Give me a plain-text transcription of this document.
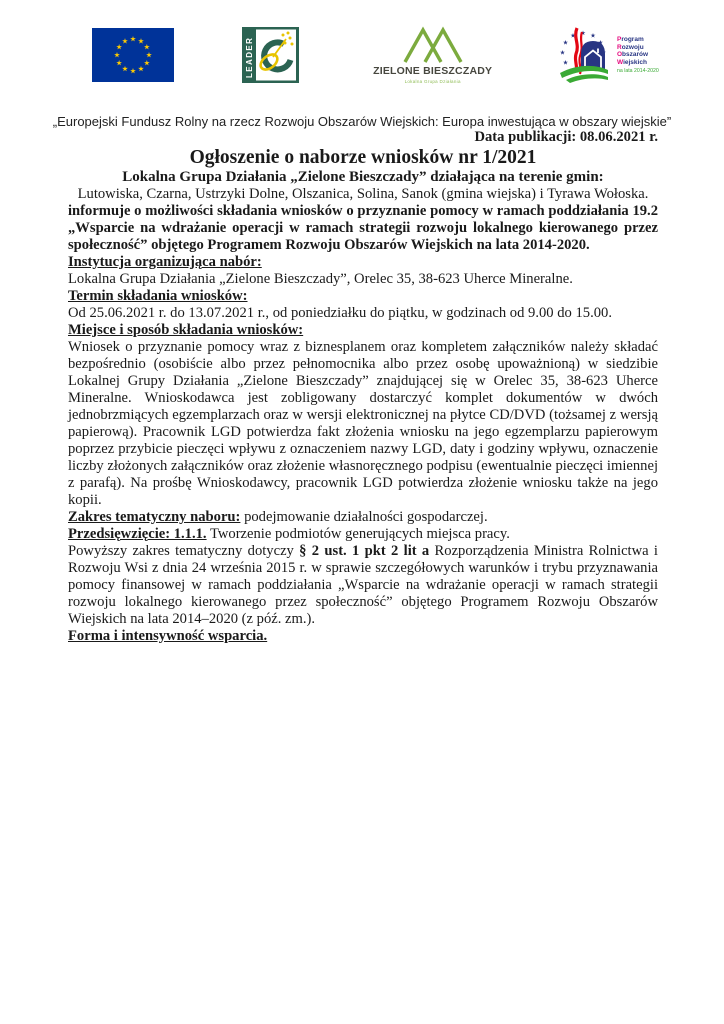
LEADER	ZIELONE BIESZCZADY
Lokalna Grupa Działania
Program
Rozwoju
Obszarów
Wiejskich
na lata 2014-2020
„Europejski Fundusz Rolny na rzecz Rozwoju Obszarów Wiejskich: Europa inwestująca w obszary wiejskie”

Data publikacji: 08.06.2021 r.

Ogłoszenie o naborze wniosków nr 1/2021
Lokalna Grupa Działania „Zielone Bieszczady” działająca na terenie gmin:

Lutowiska, Czarna, Ustrzyki Dolne, Olszanica, Solina, Sanok (gmina wiejska) i Tyrawa Wołoska.

informuje o możliwości składania wniosków o przyznanie pomocy w ramach poddziałania 19.2 „Wsparcie na wdrażanie operacji w ramach strategii rozwoju lokalnego kierowanego przez społeczność” objętego Programem Rozwoju Obszarów Wiejskich na lata 2014-2020.

Instytucja organizująca nabór:

Lokalna Grupa Działania „Zielone Bieszczady”, Orelec 35, 38-623 Uherce Mineralne.

Termin składania wniosków:

Od 25.06.2021 r. do 13.07.2021 r., od poniedziałku do piątku, w godzinach od 9.00 do 15.00.

Miejsce i sposób składania wniosków:

Wniosek o przyznanie pomocy wraz z biznesplanem oraz kompletem załączników należy składać bezpośrednio (osobiście albo przez pełnomocnika albo przez osobę upoważnioną) w siedzibie Lokalnej Grupy Działania „Zielone Bieszczady” znajdującej się w Orelec 35, 38-623 Uherce Mineralne. Wnioskodawca jest zobligowany dostarczyć komplet dokumentów w dwóch jednobrzmiących egzemplarzach oraz w wersji elektronicznej na płytce CD/DVD (tożsamej z wersją papierową). Pracownik LGD potwierdza fakt złożenia wniosku na jego egzemplarzu papierowym poprzez przybicie pieczęci wpływu z oznaczeniem nazwy LGD, daty i godziny wpływu, oznaczenie liczby złożonych załączników oraz złożenie własnoręcznego podpisu (ewentualnie pieczęci imiennej z parafą). Na prośbę Wnioskodawcy, pracownik LGD potwierdza złożenie wniosku także na jego kopii.

Zakres tematyczny naboru: podejmowanie działalności gospodarczej.

Przedsięwzięcie: 1.1.1. Tworzenie podmiotów generujących miejsca pracy.

Powyższy zakres tematyczny dotyczy § 2 ust. 1 pkt 2 lit a Rozporządzenia Ministra Rolnictwa i Rozwoju Wsi z dnia 24 września 2015 r. w sprawie szczegółowych warunków i trybu przyznawania pomocy finansowej w ramach poddziałania „Wsparcie na wdrażanie operacji w ramach strategii rozwoju lokalnego kierowanego przez społeczność” objętego Programem Rozwoju Obszarów Wiejskich na lata 2014–2020 (z póź. zm.).

Forma i intensywność wsparcia.
